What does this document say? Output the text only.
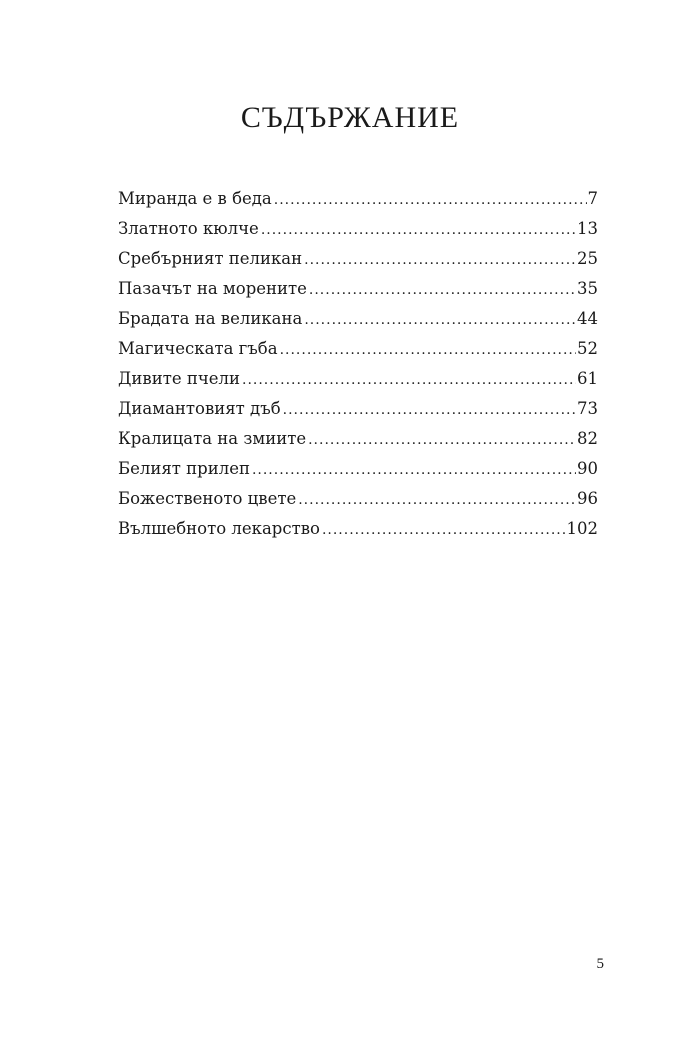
СЪДЪРЖАНИЕ
Миранда е в беда .....	7
Златното кюлче .....	13
Сребърният пеликан .....	25
Пазачът на морените .....	35
Брадата на великана .....	44
Магическата гъба .....	52
Дивите пчели .....	61
Диамантовият дъб .....	73
Кралицата на змиите .....	82
Белият прилеп .....	90
Божественото цвете .....	96
Вълшебното лекарство .....	102
5
